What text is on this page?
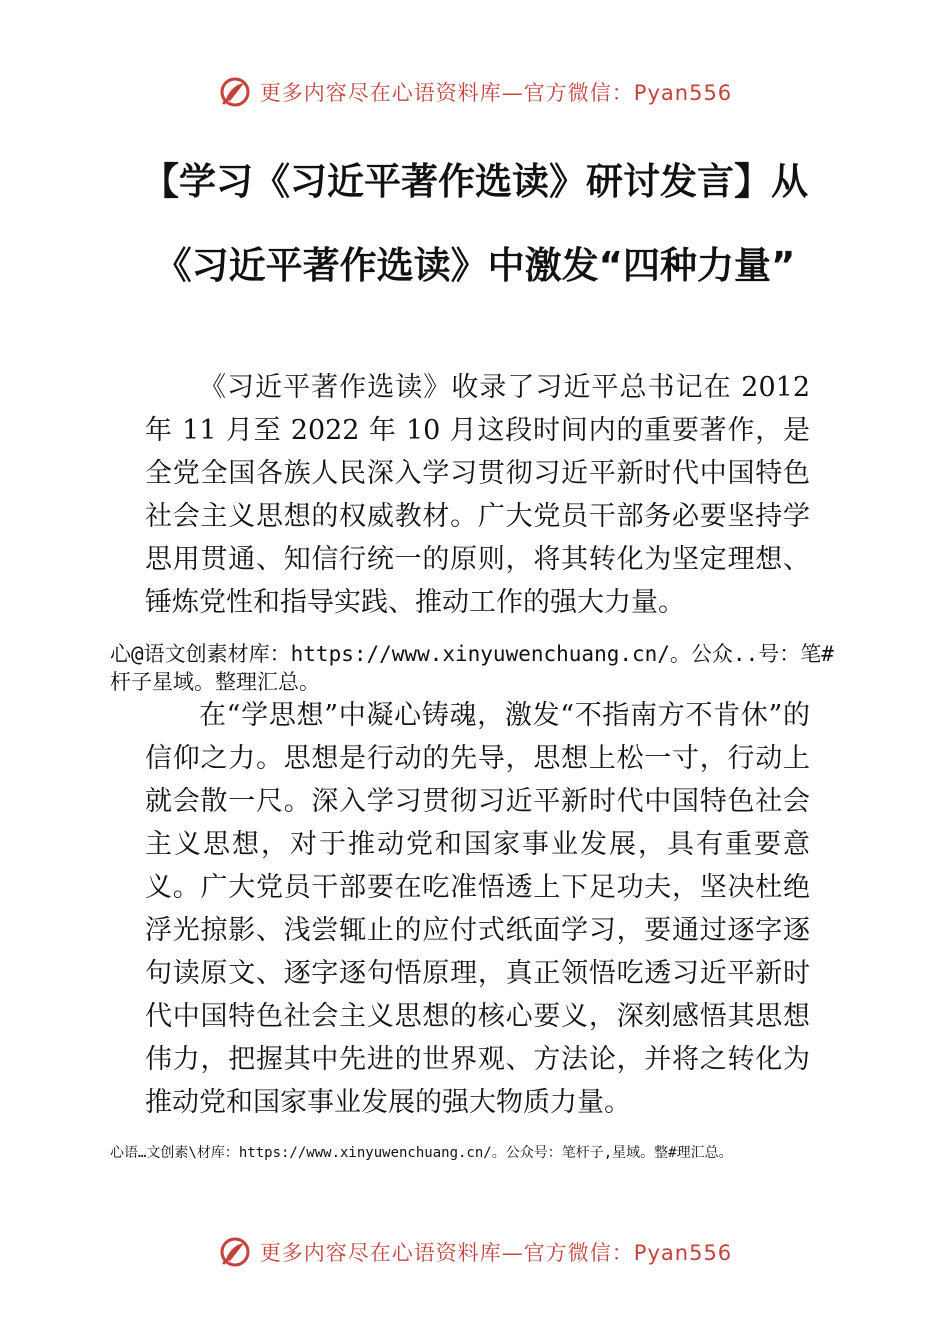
更多内容尽在心语资料库—官方微信：Pyan556
【学习《习近平著作选读》研讨发言】从《习近平著作选读》中激发“四种力量”

《习近平著作选读》收录了习近平总书记在 2012 年 11 月至 2022 年 10 月这段时间内的重要著作，是全党全国各族人民深入学习贯彻习近平新时代中国特色社会主义思想的权威教材。广大党员干部务必要坚持学思用贯通、知信行统一的原则，将其转化为坚定理想、锤炼党性和指导实践、推动工作的强大力量。

心@语文创素材库：https://www.xinyuwenchuang.cn/。公众..号：笔#杆子星域。整理汇总。

在“学思想”中凝心铸魂，激发“不指南方不肯休”的信仰之力。思想是行动的先导，思想上松一寸，行动上就会散一尺。深入学习贯彻习近平新时代中国特色社会主义思想，对于推动党和国家事业发展，具有重要意义。广大党员干部要在吃准悟透上下足功夫，坚决杜绝浮光掠影、浅尝辄止的应付式纸面学习，要通过逐字逐句读原文、逐字逐句悟原理，真正领悟吃透习近平新时代中国特色社会主义思想的核心要义，深刻感悟其思想伟力，把握其中先进的世界观、方法论，并将之转化为推动党和国家事业发展的强大物质力量。

心语…文创素\材库：https://www.xinyuwenchuang.cn/。公众号：笔杆子,星域。整#理汇总。

更多内容尽在心语资料库—官方微信：Pyan556
